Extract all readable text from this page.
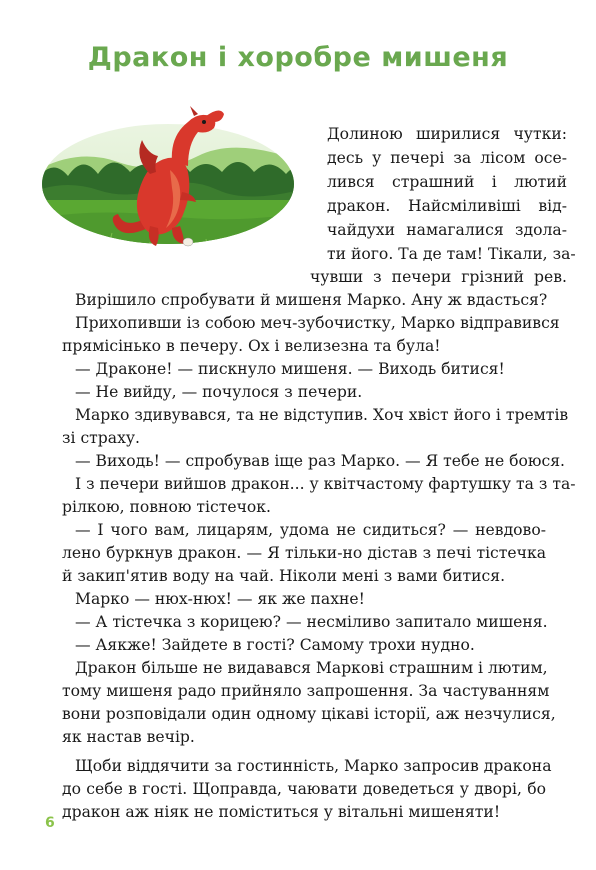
Дракон і хоробре мишеня
Долиною ширилися чутки:
десь у печері за лісом осе-
лився страшний і лютий
дракон. Найсміливіші від-
чайдухи намагалися здола-
ти його. Та де там! Тікали, за-
чувши з печери грізний рев.
Вирішило спробувати й мишеня Марко. Ану ж вдасться?
Прихопивши із собою меч-зубочистку, Марко відправився
прямісінько в печеру. Ох і велизезна та була!
— Драконе! — пискнуло мишеня. — Виходь битися!
— Не вийду, — почулося з печери.
Марко здивувався, та не відступив. Хоч хвіст його і тремтів
зі страху.
— Виходь! — спробував іще раз Марко. — Я тебе не боюся.
І з печери вийшов дракон... у квітчастому фартушку та з та-
рілкою, повною тістечок.
— І чого вам, лицарям, удома не сидиться? — невдово-
лено буркнув дракон. — Я тільки-но дістав з печі тістечка
й закип'ятив воду на чай. Ніколи мені з вами битися.
Марко — нюх-нюх! — як же пахне!
— А тістечка з корицею? — несміливо запитало мишеня.
— Аякже! Зайдете в гості? Самому трохи нудно.
Дракон більше не видавався Маркові страшним і лютим,
тому мишеня радо прийняло запрошення. За частуванням
вони розповідали один одному цікаві історії, аж незчулися,
як настав вечір.
Щоби віддячити за гостинність, Марко запросив дракона
до себе в гості. Щоправда, чаювати доведеться у дворі, бо
дракон аж ніяк не поміститься у вітальні мишеняти!
6
